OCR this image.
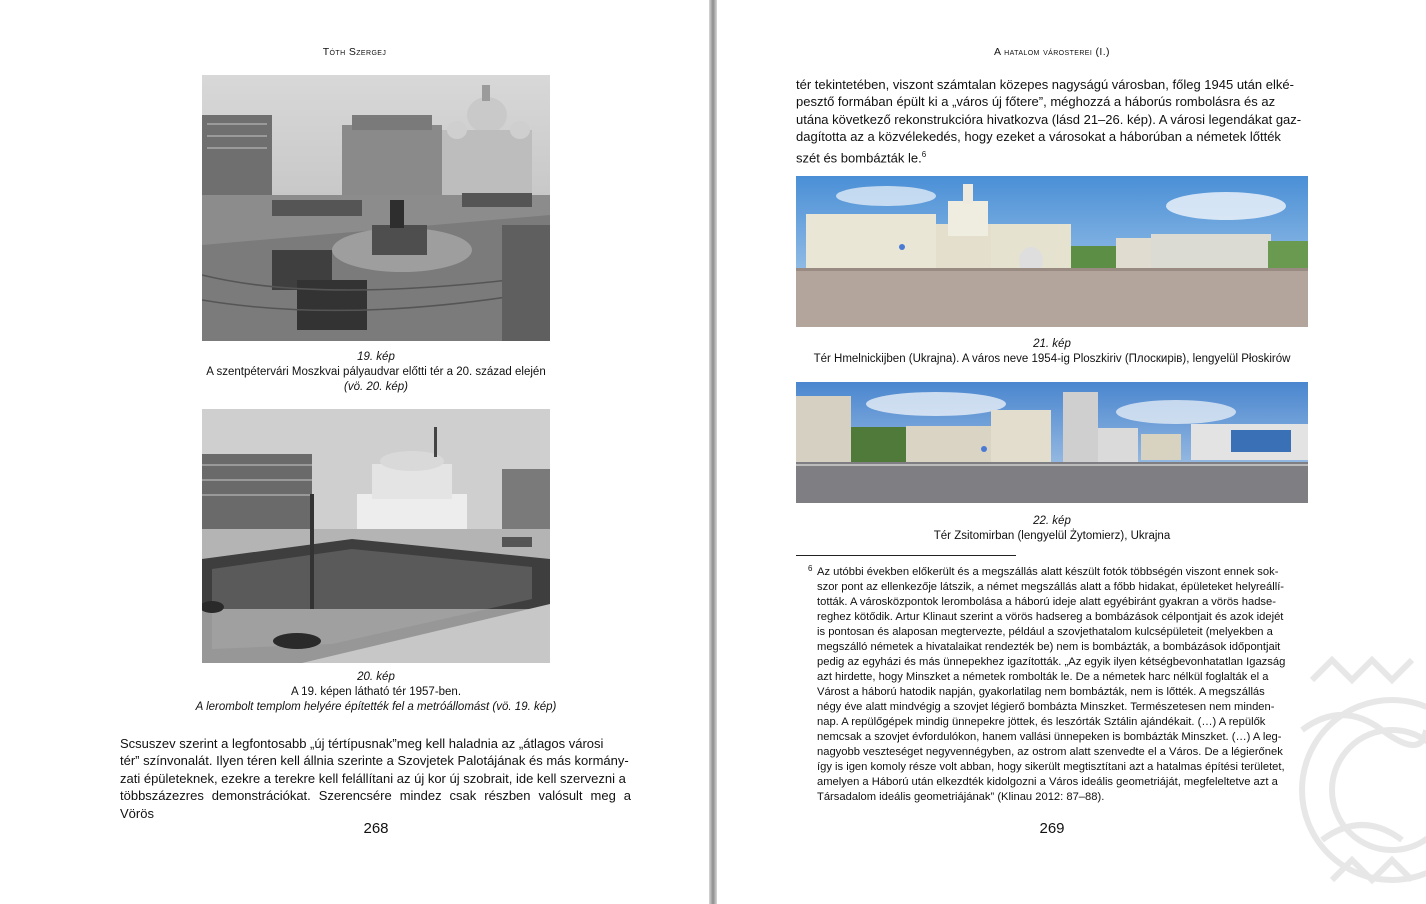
Tóth Szergej
19. kép
A szentpétervári Moszkvai pályaudvar előtti tér a 20. század elején
(vö. 20. kép)
20. kép
A 19. képen látható tér 1957-ben.
A lerombolt templom helyére építették fel a metróállomást (vö. 19. kép)
Scsuszev szerint a legfontosabb „új tértípusnak”meg kell haladnia az „átlagos városi
tér” színvonalát. Ilyen téren kell állnia szerinte a Szovjetek Palotájának és más kormány-
zati épületeknek, ezekre a terekre kell felállítani az új kor új szobrait, ide kell szervezni a
többszázezres demonstrációkat. Szerencsére mindez csak részben valósult meg a Vörös
268
A hatalom városterei (I.)
tér tekintetében, viszont számtalan közepes nagyságú városban, főleg 1945 után elké-
pesztő formában épült ki a „város új főtere”, méghozzá a háborús rombolásra és az
utána következő rekonstrukcióra hivatkozva (lásd 21–26. kép). A városi legendákat gaz-
dagította az a közvélekedés, hogy ezeket a városokat a háborúban a németek lőtték
szét és bombázták le.$^6$
21. kép
Tér Hmelnickijben (Ukrajna). A város neve 1954-ig Ploszkiriv (Плоскирів), lengyelül Płoskirów
22. kép
Tér Zsitomirban (lengyelül Żytomierz), Ukrajna
6 Az utóbbi években előkerült és a megszállás alatt készült fotók többségén viszont ennek sok-
szor pont az ellenkezője látszik, a német megszállás alatt a főbb hidakat, épületeket helyreállí-
tották. A városközpontok lerombolása a háború ideje alatt egyébiránt gyakran a vörös hadse-
reghez kötődik. Artur Klinaut szerint a vörös hadsereg a bombázások célpontjait és azok idejét
is pontosan és alaposan megtervezte, például a szovjethatalom kulcsépületeit (melyekben a
megszálló németek a hivatalaikat rendezték be) nem is bombázták, a bombázások időpontjait
pedig az egyházi és más ünnepekhez igazították. „Az egyik ilyen kétségbevonhatatlan Igazság
azt hirdette, hogy Minszket a németek rombolták le. De a németek harc nélkül foglalták el a
Várost a háború hatodik napján, gyakorlatilag nem bombázták, nem is lőtték. A megszállás
négy éve alatt mindvégig a szovjet légierő bombázta Minszket. Természetesen nem minden-
nap. A repülőgépek mindig ünnepekre jöttek, és leszórták Sztálin ajándékait. (…) A repülők
nemcsak a szovjet évfordulókon, hanem vallási ünnepeken is bombázták Minszket. (…) A leg-
nagyobb veszteséget negyvennégyben, az ostrom alatt szenvedte el a Város. De a légierőnek
így is igen komoly része volt abban, hogy sikerült megtisztítani azt a hatalmas építési területet,
amelyen a Háború után elkezdték kidolgozni a Város ideális geometriáját, megfeleltetve azt a
Társadalom ideális geometriájának” (Klinau 2012: 87–88).
269
